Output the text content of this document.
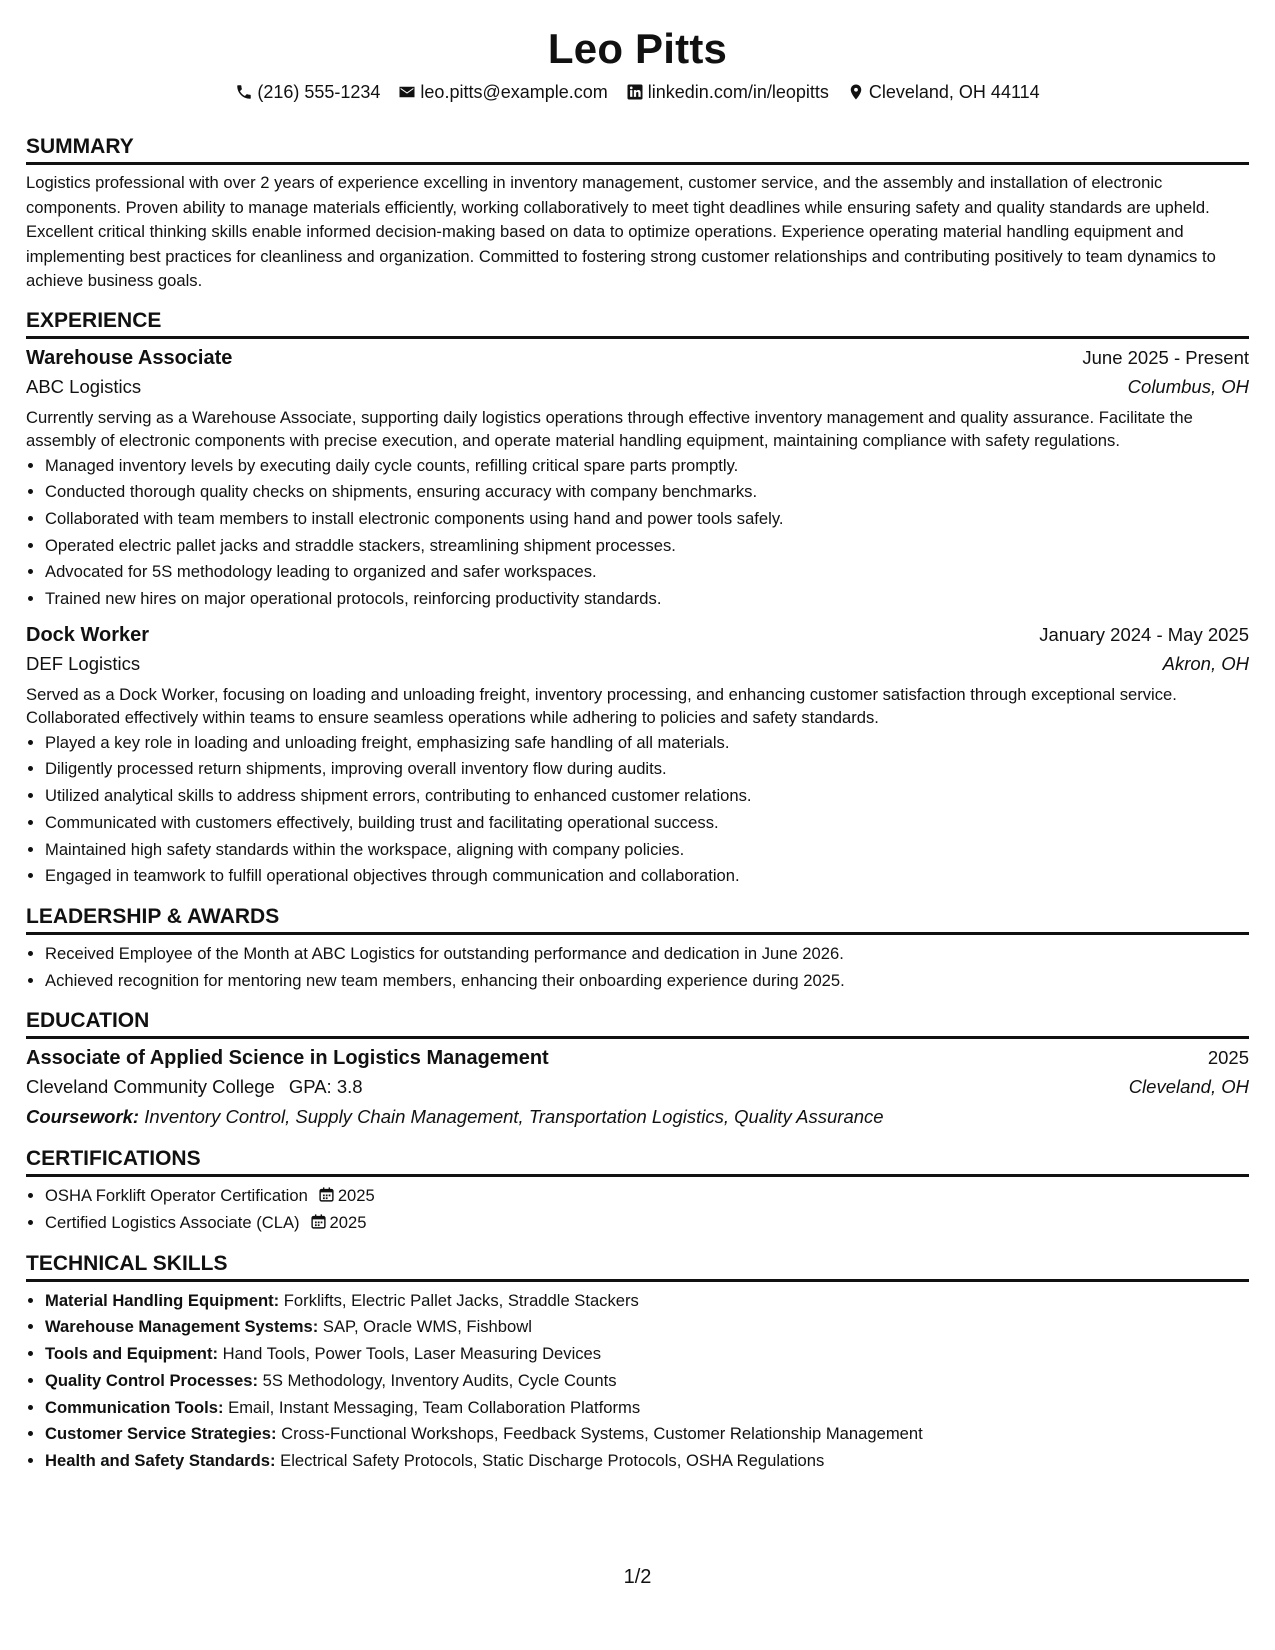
Leo Pitts
(216) 555-1234 leo.pitts@example.com linkedin.com/in/leopitts Cleveland, OH 44114
SUMMARY
Logistics professional with over 2 years of experience excelling in inventory management, customer service, and the assembly and installation of electronic components. Proven ability to manage materials efficiently, working collaboratively to meet tight deadlines while ensuring safety and quality standards are upheld. Excellent critical thinking skills enable informed decision-making based on data to optimize operations. Experience operating material handling equipment and implementing best practices for cleanliness and organization. Committed to fostering strong customer relationships and contributing positively to team dynamics to achieve business goals.
EXPERIENCE
Warehouse Associate	June 2025 - Present
ABC Logistics	Columbus, OH
Currently serving as a Warehouse Associate, supporting daily logistics operations through effective inventory management and quality assurance. Facilitate the assembly of electronic components with precise execution, and operate material handling equipment, maintaining compliance with safety regulations.
• Managed inventory levels by executing daily cycle counts, refilling critical spare parts promptly.
• Conducted thorough quality checks on shipments, ensuring accuracy with company benchmarks.
• Collaborated with team members to install electronic components using hand and power tools safely.
• Operated electric pallet jacks and straddle stackers, streamlining shipment processes.
• Advocated for 5S methodology leading to organized and safer workspaces.
• Trained new hires on major operational protocols, reinforcing productivity standards.
Dock Worker	January 2024 - May 2025
DEF Logistics	Akron, OH
Served as a Dock Worker, focusing on loading and unloading freight, inventory processing, and enhancing customer satisfaction through exceptional service. Collaborated effectively within teams to ensure seamless operations while adhering to policies and safety standards.
• Played a key role in loading and unloading freight, emphasizing safe handling of all materials.
• Diligently processed return shipments, improving overall inventory flow during audits.
• Utilized analytical skills to address shipment errors, contributing to enhanced customer relations.
• Communicated with customers effectively, building trust and facilitating operational success.
• Maintained high safety standards within the workspace, aligning with company policies.
• Engaged in teamwork to fulfill operational objectives through communication and collaboration.
LEADERSHIP & AWARDS
• Received Employee of the Month at ABC Logistics for outstanding performance and dedication in June 2026.
• Achieved recognition for mentoring new team members, enhancing their onboarding experience during 2025.
EDUCATION
Associate of Applied Science in Logistics Management	2025
Cleveland Community College GPA: 3.8	Cleveland, OH
Coursework: Inventory Control, Supply Chain Management, Transportation Logistics, Quality Assurance
CERTIFICATIONS
• OSHA Forklift Operator Certification 2025
• Certified Logistics Associate (CLA) 2025
TECHNICAL SKILLS
• Material Handling Equipment: Forklifts, Electric Pallet Jacks, Straddle Stackers
• Warehouse Management Systems: SAP, Oracle WMS, Fishbowl
• Tools and Equipment: Hand Tools, Power Tools, Laser Measuring Devices
• Quality Control Processes: 5S Methodology, Inventory Audits, Cycle Counts
• Communication Tools: Email, Instant Messaging, Team Collaboration Platforms
• Customer Service Strategies: Cross-Functional Workshops, Feedback Systems, Customer Relationship Management
• Health and Safety Standards: Electrical Safety Protocols, Static Discharge Protocols, OSHA Regulations
1/2
